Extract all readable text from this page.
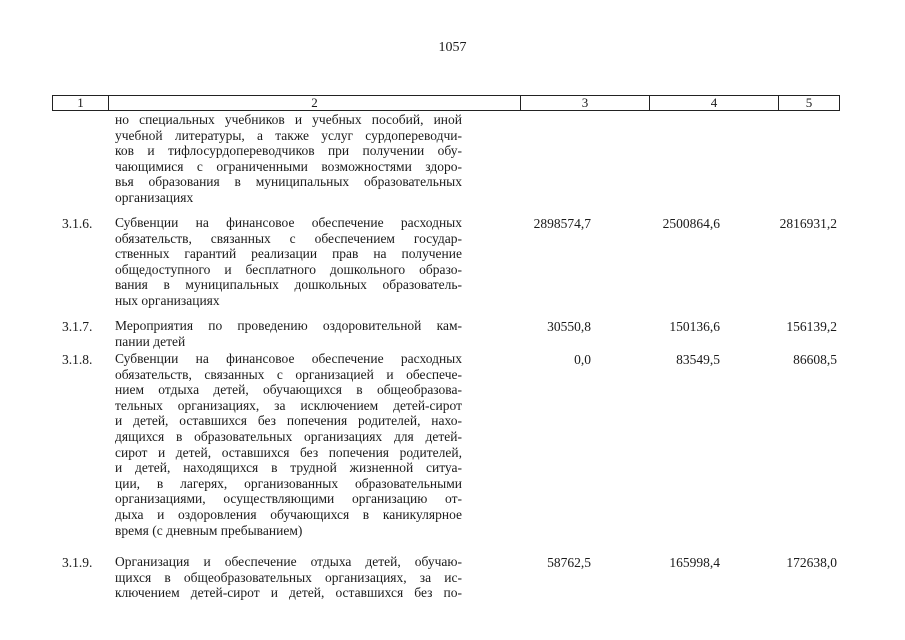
1057
1	2	3	4	5
но специальных учебников и учебных пособий, иной
учебной литературы, а также услуг сурдопереводчи-
ков и тифлосурдопереводчиков при получении обу-
чающимися с ограниченными возможностями здоро-
вья образования в муниципальных образовательных
организациях
3.1.6. Субвенции на финансовое обеспечение расходных
обязательств, связанных с обеспечением государ-
ственных гарантий реализации прав на получение
общедоступного и бесплатного дошкольного образо-
вания в муниципальных дошкольных образователь-
ных организациях
2898574,7	2500864,6	2816931,2
3.1.7. Мероприятия по проведению оздоровительной кам-
пании детей
30550,8	150136,6	156139,2
3.1.8. Субвенции на финансовое обеспечение расходных
обязательств, связанных с организацией и обеспече-
нием отдыха детей, обучающихся в общеобразова-
тельных организациях, за исключением детей-сирот
и детей, оставшихся без попечения родителей, нахо-
дящихся в образовательных организациях для детей-
сирот и детей, оставшихся без попечения родителей,
и детей, находящихся в трудной жизненной ситуа-
ции, в лагерях, организованных образовательными
организациями, осуществляющими организацию от-
дыха и оздоровления обучающихся в каникулярное
время (с дневным пребыванием)
0,0	83549,5	86608,5
3.1.9. Организация и обеспечение отдыха детей, обучаю-
щихся в общеобразовательных организациях, за ис-
ключением детей-сирот и детей, оставшихся без по-
58762,5	165998,4	172638,0
